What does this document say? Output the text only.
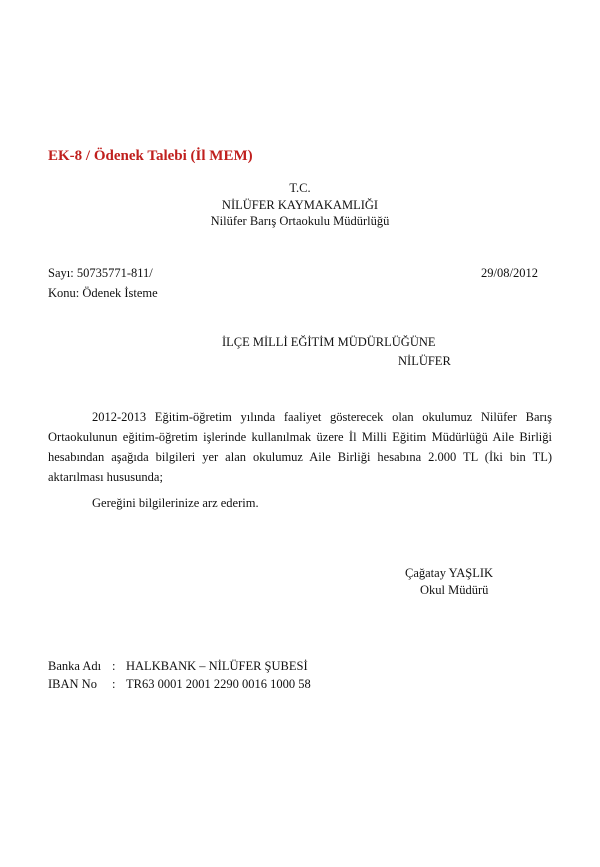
EK-8 / Ödenek Talebi (İl MEM)
T.C.
NİLÜFER KAYMAKAMLIĞI
Nilüfer Barış Ortaokulu Müdürlüğü
Sayı: 50735771-811/	29/08/2012
Konu: Ödenek İsteme
İLÇE MİLLİ EĞİTİM MÜDÜRLÜĞÜNE
NİLÜFER
2012-2013 Eğitim-öğretim yılında faaliyet gösterecek olan okulumuz Nilüfer Barış Ortaokulunun eğitim-öğretim işlerinde kullanılmak üzere İl Milli Eğitim Müdürlüğü Aile Birliği hesabından aşağıda bilgileri yer alan okulumuz Aile Birliği hesabına 2.000 TL (İki bin TL) aktarılması hususunda;
Gereğini bilgilerinize arz ederim.
Çağatay YAŞLIK
Okul Müdürü
Banka Adı : HALKBANK – NİLÜFER ŞUBESİ
IBAN No : TR63 0001 2001 2290 0016 1000 58
